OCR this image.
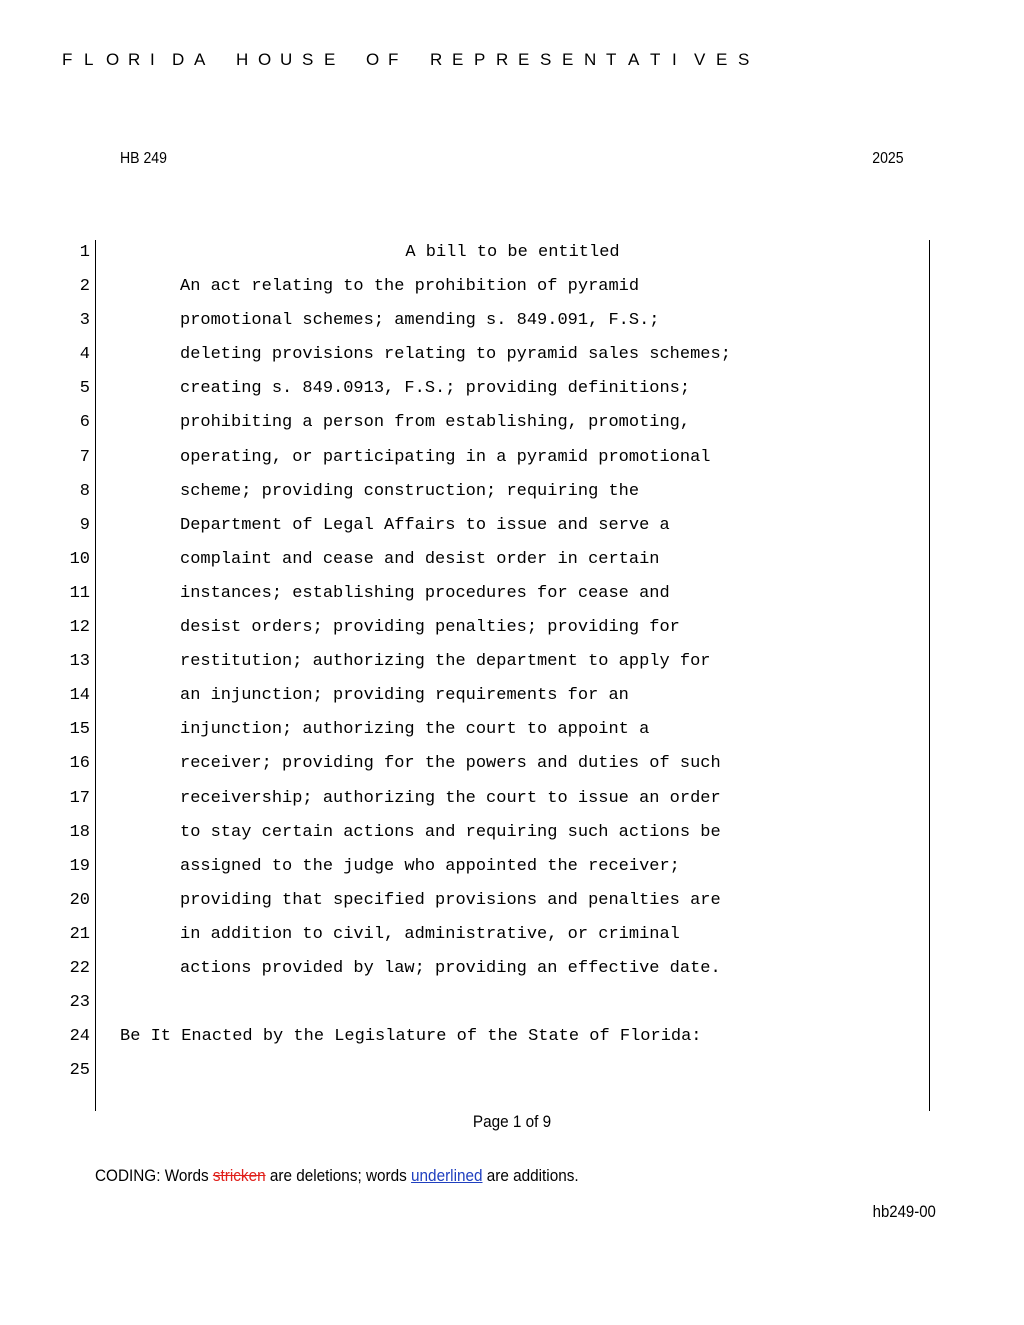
F L O R I D A H O U S E O F R E P R E S E N T A T I V E S
HB 249	2025
1	A bill to be entitled
2	An act relating to the prohibition of pyramid
3	promotional schemes; amending s. 849.091, F.S.;
4	deleting provisions relating to pyramid sales schemes;
5	creating s. 849.0913, F.S.; providing definitions;
6	prohibiting a person from establishing, promoting,
7	operating, or participating in a pyramid promotional
8	scheme; providing construction; requiring the
9	Department of Legal Affairs to issue and serve a
10	complaint and cease and desist order in certain
11	instances; establishing procedures for cease and
12	desist orders; providing penalties; providing for
13	restitution; authorizing the department to apply for
14	an injunction; providing requirements for an
15	injunction; authorizing the court to appoint a
16	receiver; providing for the powers and duties of such
17	receivership; authorizing the court to issue an order
18	to stay certain actions and requiring such actions be
19	assigned to the judge who appointed the receiver;
20	providing that specified provisions and penalties are
21	in addition to civil, administrative, or criminal
22	actions provided by law; providing an effective date.
23
24 Be It Enacted by the Legislature of the State of Florida:
25
Page 1 of 9
CODING: Words stricken are deletions; words underlined are additions.
hb249-00
